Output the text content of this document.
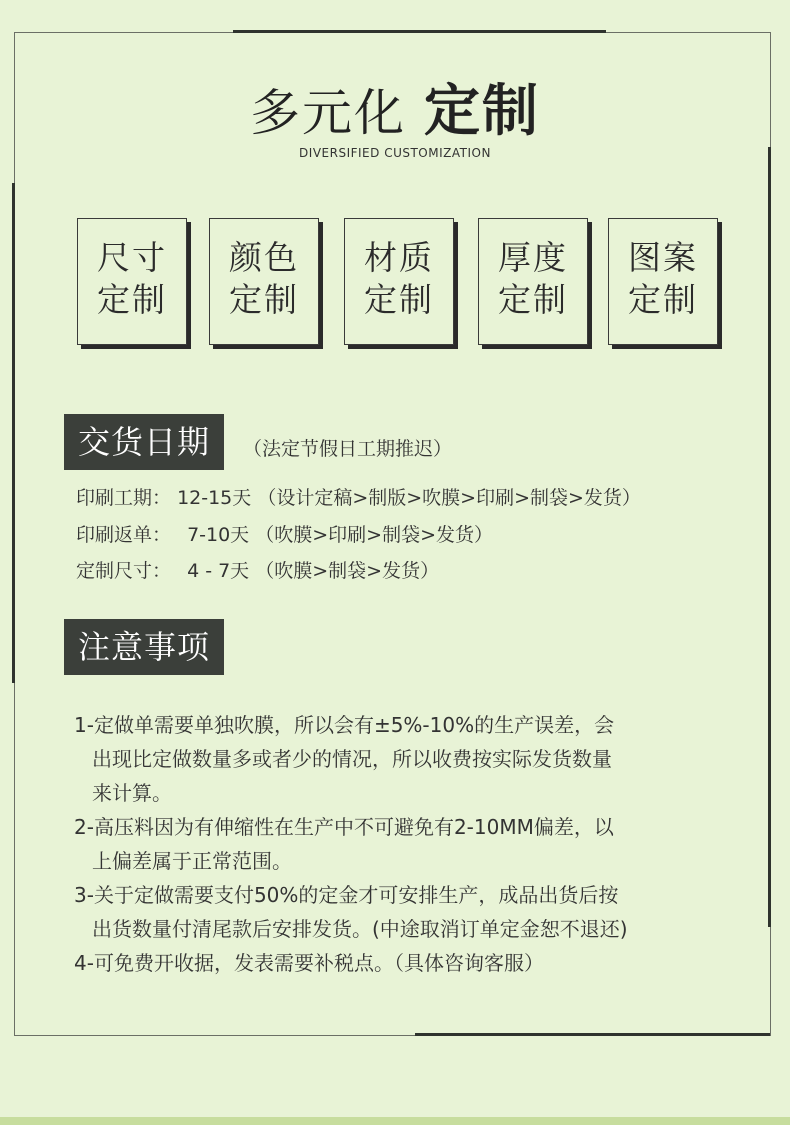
多元化 定制
DIVERSIFIED CUSTOMIZATION
尺寸
定制
颜色
定制
材质
定制
厚度
定制
图案
定制
交货日期	（法定节假日工期推迟）
印刷工期： 12-15天 （设计定稿>制版>吹膜>印刷>制袋>发货）
印刷返单： 7-10天 （吹膜>印刷>制袋>发货）
定制尺寸： 4 - 7天 （吹膜>制袋>发货）
注意事项

1-定做单需要单独吹膜，所以会有±5%-10%的生产误差，会

出现比定做数量多或者少的情况，所以收费按实际发货数量

来计算。

2-高压料因为有伸缩性在生产中不可避免有2-10MM偏差，以

上偏差属于正常范围。

3-关于定做需要支付50%的定金才可安排生产，成品出货后按

出货数量付清尾款后安排发货。(中途取消订单定金恕不退还)

4-可免费开收据，发表需要补税点。（具体咨询客服）
